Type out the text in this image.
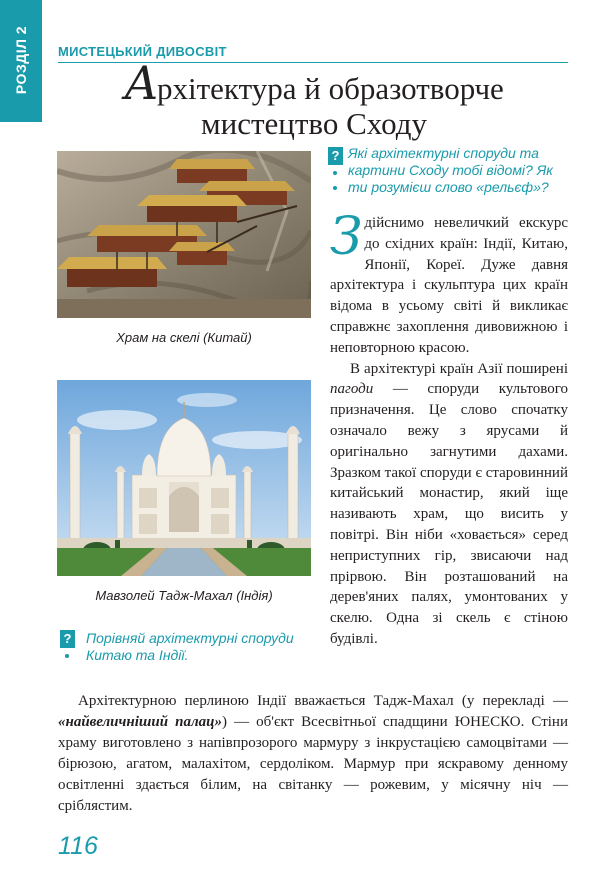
РОЗДІЛ 2 МИСТЕЦЬКИЙ ДИВОСВІТ
Архітектура й образотворче
мистецтво Сходу
Храм на скелі (Китай)
Мавзолей Тадж-Махал (Індія)
? Які архітектурні споруди та картини Сходу тобі відомі? Як ти розумієш слово «рельєф»?
? Порівняй архітектурні споруди Китаю та Індії.

Здійснимо невеличкий екскурс до східних країн: Індії, Китаю, Японії, Кореї. Дуже давня архітектура і скульптура цих країн відома в усьому світі й викликає справжнє захоплення дивовижною і неповторною красою.

В архітектурі країн Азії поширені пагоди — споруди культового призначення. Це слово спочатку означало вежу з ярусами й оригінально загнутими дахами. Зразком такої споруди є старовинний китайський монастир, який іще називають храм, що висить у повітрі. Він ніби «ховається» серед неприступних гір, звисаючи над прірвою. Він розташований на дерев'яних палях, умонтованих у скелю. Одна зі скель є стіною будівлі.

Архітектурною перлиною Індії вважається Тадж-Махал (у перекладі — «найвеличніший палац») — об'єкт Всесвітньої спадщини ЮНЕСКО. Стіни храму виготовлено з напівпрозорого мармуру з інкрустацією самоцвітами — бірюзою, агатом, малахітом, сердоліком. Мармур при яскравому денному освітленні здається білим, на світанку — рожевим, у місячну ніч — сріблястим.

116
